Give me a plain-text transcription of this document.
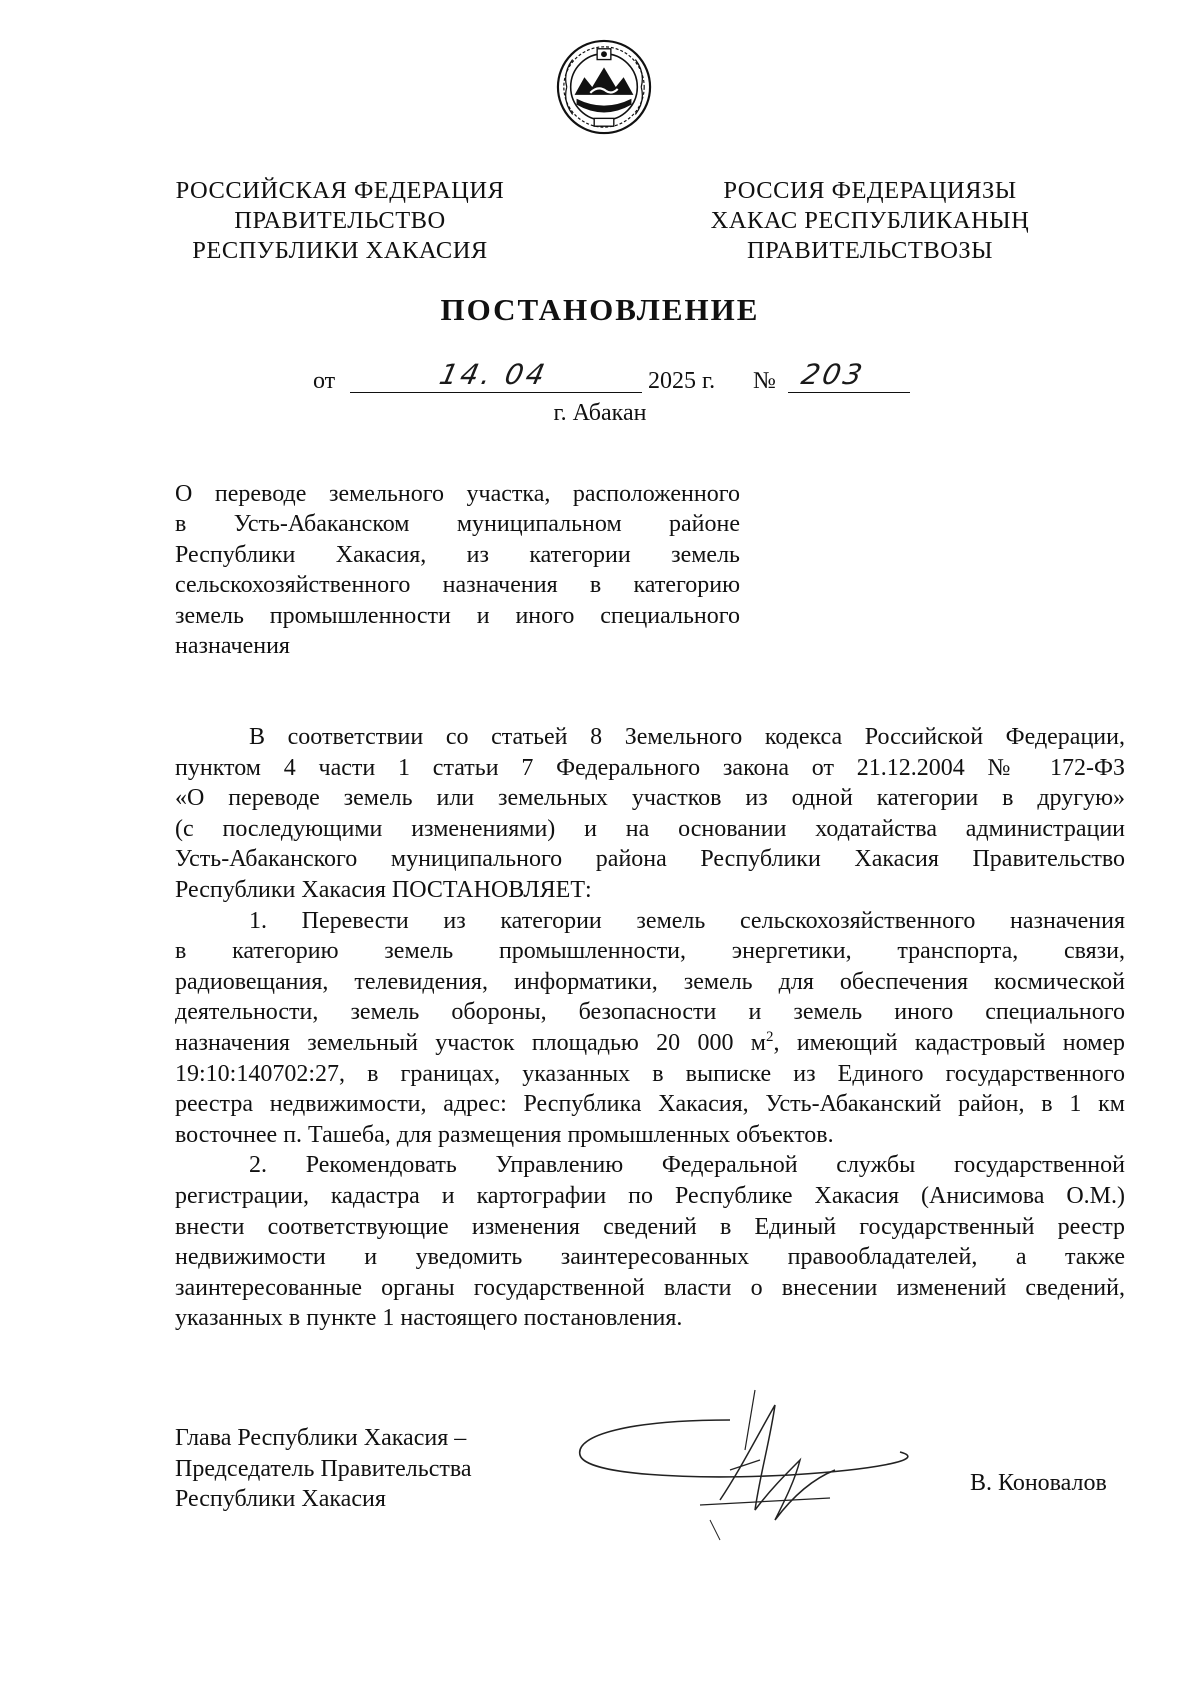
РОССИЙСКАЯ ФЕДЕРАЦИЯ
ПРАВИТЕЛЬСТВО
РЕСПУБЛИКИ ХАКАСИЯ
РОССИЯ ФЕДЕРАЦИЯЗЫ
ХАКАС РЕСПУБЛИКАНЫҢ
ПРАВИТЕЛЬСТВОЗЫ
ПОСТАНОВЛЕНИЕ
от	14. 04	2025 г. № 203
г. Абакан
О переводе земельного участка, расположенного
в Усть-Абаканском муниципальном районе
Республики Хакасия, из категории земель
сельскохозяйственного назначения в категорию
земель промышленности и иного специального
назначения
В соответствии со статьей 8 Земельного кодекса Российской Федерации,
пунктом 4 части 1 статьи 7 Федерального закона от 21.12.2004 № 172-ФЗ
«О переводе земель или земельных участков из одной категории в другую»
(с последующими изменениями) и на основании ходатайства администрации
Усть-Абаканского муниципального района Республики Хакасия Правительство
Республики Хакасия ПОСТАНОВЛЯЕТ:
1. Перевести из категории земель сельскохозяйственного назначения
в категорию земель промышленности, энергетики, транспорта, связи,
радиовещания, телевидения, информатики, земель для обеспечения космической
деятельности, земель обороны, безопасности и земель иного специального
назначения земельный участок площадью 20 000 $м^2$, имеющий кадастровый номер
19:10:140702:27, в границах, указанных в выписке из Единого государственного
реестра недвижимости, адрес: Республика Хакасия, Усть-Абаканский район, в 1 км
восточнее п. Ташеба, для размещения промышленных объектов.
2. Рекомендовать Управлению Федеральной службы государственной
регистрации, кадастра и картографии по Республике Хакасия (Анисимова О.М.)
внести соответствующие изменения сведений в Единый государственный реестр
недвижимости и уведомить заинтересованных правообладателей, а также
заинтересованные органы государственной власти о внесении изменений сведений,
указанных в пункте 1 настоящего постановления.
Глава Республики Хакасия –
Председатель Правительства
Республики Хакасия
В. Коновалов
